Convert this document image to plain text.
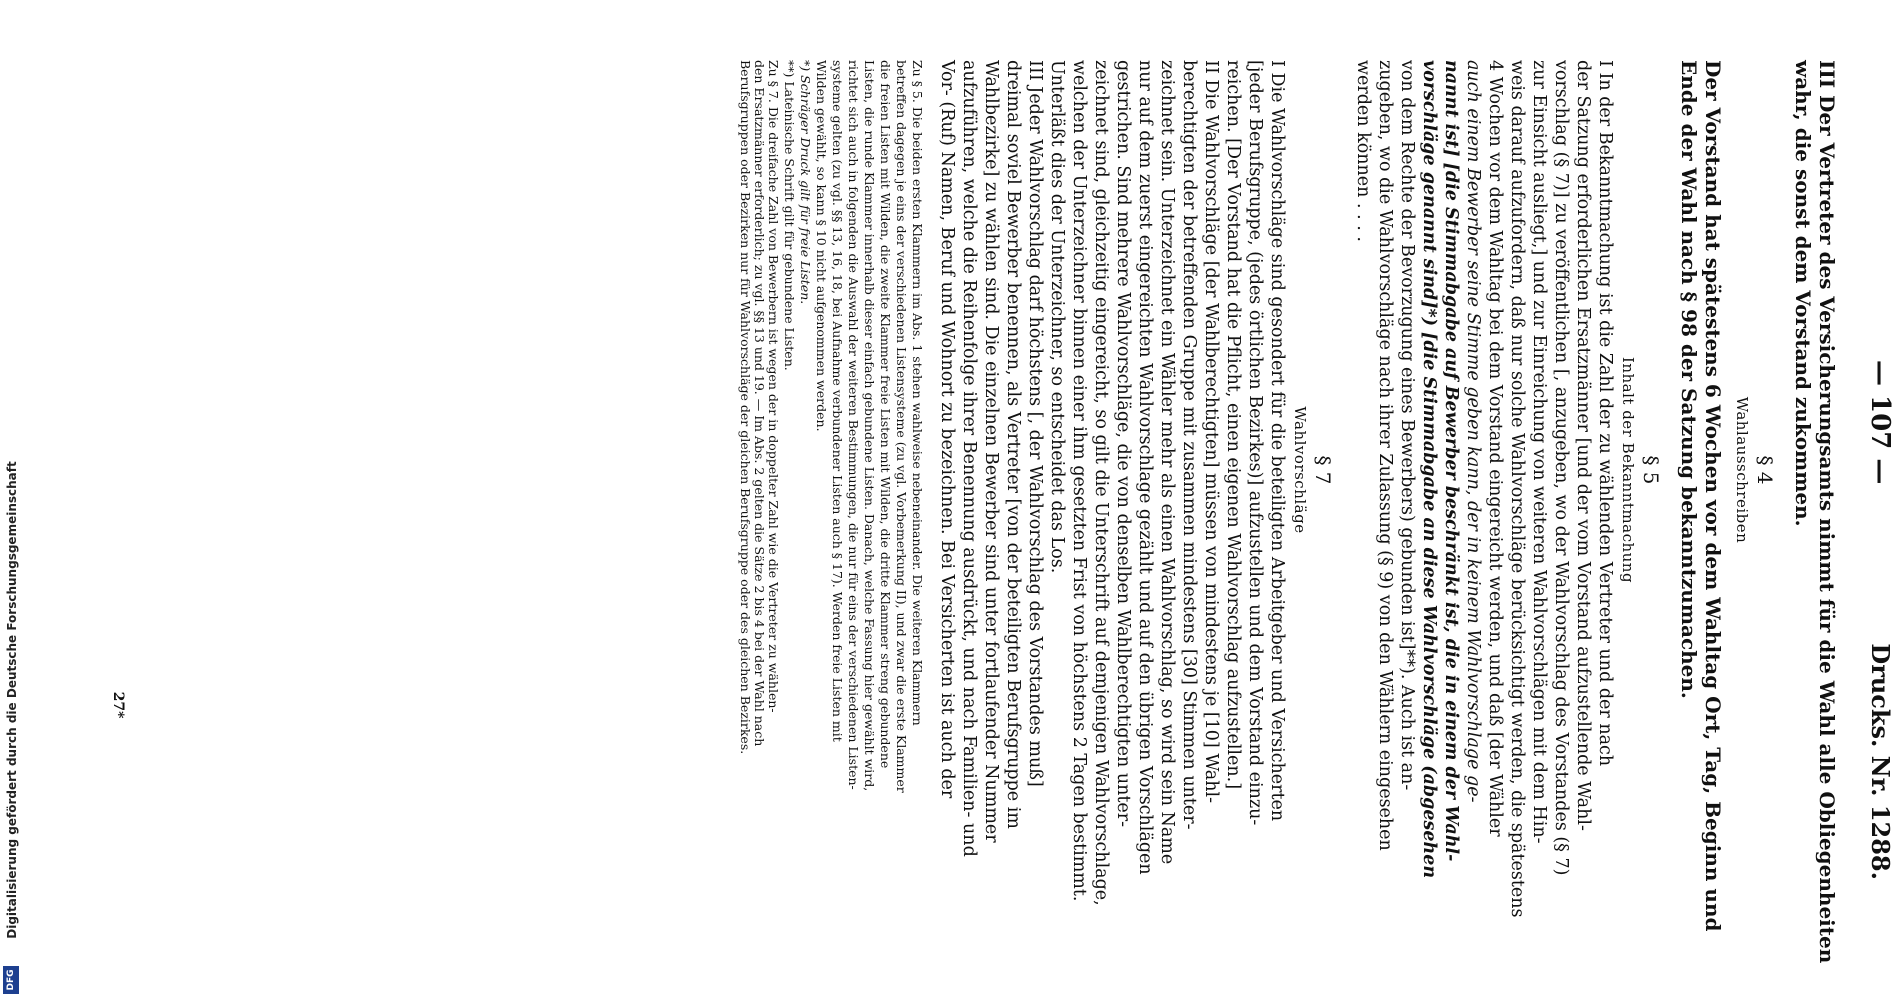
— 107 —
Drucks. Nr. 1288.
III Der Vertreter des Versicherungsamts nimmt für die Wahl alle Obliegenheiten
wahr, die sonst dem Vorstand zukommen.
§ 4
Wahlausschreiben
Der Vorstand hat spätestens 6 Wochen vor dem Wahltag Ort, Tag, Beginn und
Ende der Wahl nach § 98 der Satzung bekanntzumachen.
§ 5
Inhalt der Bekanntmachung
I In der Bekanntmachung ist die Zahl der zu wählenden Vertreter und der nach
der Satzung erforderlichen Ersatzmänner [und der vom Vorstand aufzustellende Wahl-
vorschlag (§ 7)] zu veröffentlichen [, anzugeben, wo der Wahlvorschlag des Vorstandes (§ 7)
zur Einsicht ausliegt,] und zur Einreichung von weiteren Wahlvorschlägen mit dem Hin-
weis darauf aufzufordern, daß nur solche Wahlvorschläge berücksichtigt werden, die spätestens
4 Wochen vor dem Wahltag bei dem Vorstand eingereicht werden, und daß [der Wähler
auch einem Bewerber seine Stimme geben kann, der in keinem Wahlvorschlage ge-
nannt ist] [die Stimmabgabe auf Bewerber beschränkt ist, die in einem der Wahl-
vorschläge genannt sind]*) [die Stimmabgabe an diese Wahlvorschläge (abgesehen
von dem Rechte der Bevorzugung eines Bewerbers) gebunden ist]**). Auch ist an-
zugeben, wo die Wahlvorschläge nach ihrer Zulassung (§ 9) von den Wählern eingesehen
werden können . . . .
§ 7
Wahlvorschläge
I Die Wahlvorschläge sind gesondert für die beteiligten Arbeitgeber und Versicherten
[jeder Berufsgruppe, (jedes örtlichen Bezirkes)] aufzustellen und dem Vorstand einzu-
reichen. [Der Vorstand hat die Pflicht, einen eigenen Wahlvorschlag aufzustellen.]
II Die Wahlvorschläge [der Wahlberechtigten] müssen von mindestens je [10] Wahl-
berechtigten der betreffenden Gruppe mit zusammen mindestens [30] Stimmen unter-
zeichnet sein. Unterzeichnet ein Wähler mehr als einen Wahlvorschlag, so wird sein Name
nur auf dem zuerst eingereichten Wahlvorschlage gezählt und auf den übrigen Vorschlägen
gestrichen. Sind mehrere Wahlvorschläge, die von denselben Wahlberechtigten unter-
zeichnet sind, gleichzeitig eingereicht, so gilt die Unterschrift auf demjenigen Wahlvorschlage,
welchen der Unterzeichner binnen einer ihm gesetzten Frist von höchstens 2 Tagen bestimmt.
Unterläßt dies der Unterzeichner, so entscheidet das Los.
III Jeder Wahlvorschlag darf höchstens [, der Wahlvorschlag des Vorstandes muß]
dreimal soviel Bewerber benennen, als Vertreter [von der beteiligten Berufsgruppe im
Wahlbezirke] zu wählen sind. Die einzelnen Bewerber sind unter fortlaufender Nummer
aufzuführen, welche die Reihenfolge ihrer Benennung ausdrückt, und nach Familien- und
Vor- (Ruf) Namen, Beruf und Wohnort zu bezeichnen. Bei Versicherten ist auch der
Zu § 5. Die beiden ersten Klammern im Abs. 1 stehen wahlweise nebeneinander. Die weiteren Klammern
betreffen dagegen je eins der verschiedenen Listensysteme (zu vgl. Vorbemerkung II), und zwar die erste Klammer
die freien Listen mit Wilden, die zweite Klammer freie Listen mit Wilden, die dritte Klammer streng gebundene
Listen, die runde Klammer innerhalb dieser einfach gebundene Listen. Danach, welche Fassung hier gewählt wird,
richtet sich auch in folgenden die Auswahl der weiteren Bestimmungen, die nur für eins der verschiedenen Listen-
systeme gelten (zu vgl. §§ 13, 16, 18, bei Aufnahme verbundener Listen auch § 17). Werden freie Listen mit
Wilden gewählt, so kann § 10 nicht aufgenommen werden.
*) Schräger Druck gilt für freie Listen.
**) Lateinische Schrift gilt für gebundene Listen.
Zu § 7. Die dreifache Zahl von Bewerbern ist wegen der in doppelter Zahl wie die Vertreter zu wählen-
den Ersatzmänner erforderlich; zu vgl. §§ 13 und 19. — Im Abs. 2 gelten die Sätze 2 bis 4 bei der Wahl nach
Berufsgruppen oder Bezirken nur für Wahlvorschläge der gleichen Berufsgruppe oder des gleichen Bezirkes.
27*
Digitalisierung gefördert durch die Deutsche Forschungsgemeinschaft
DFG
